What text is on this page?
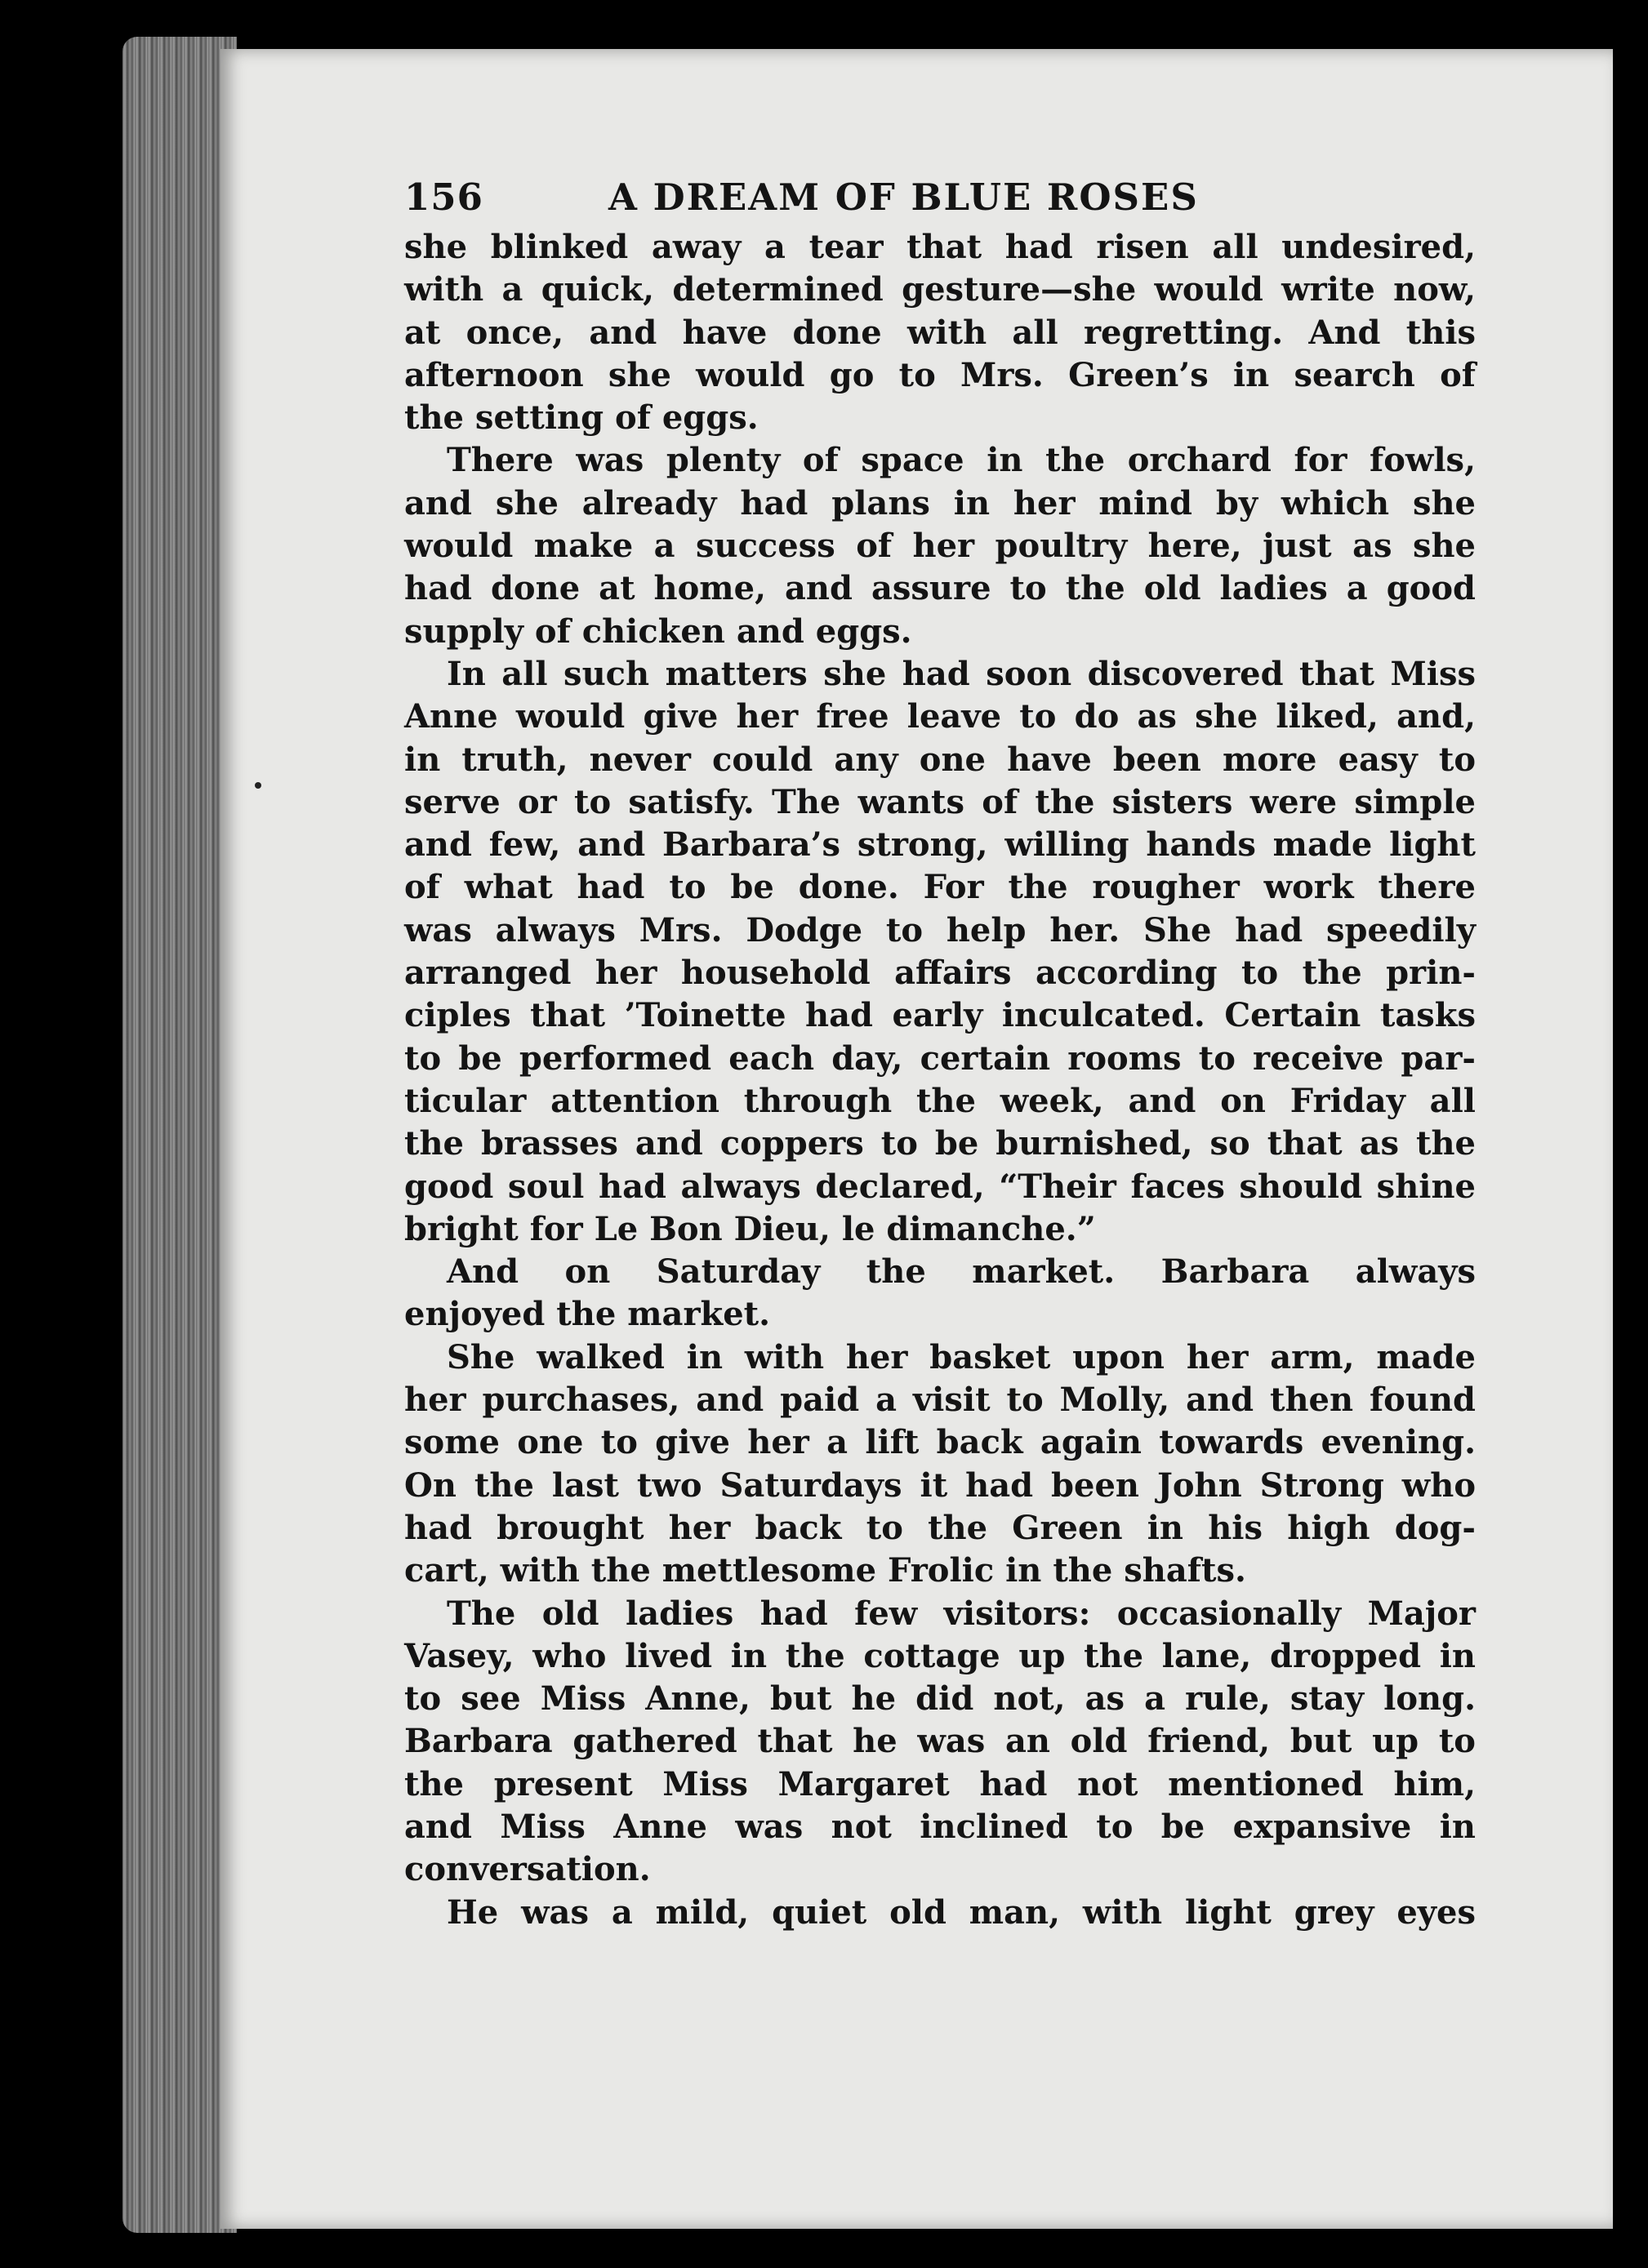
156	A DREAM OF BLUE ROSES
she blinked away a tear that had risen all undesired,
with a quick, determined gesture—she would write now,
at once, and have done with all regretting. And this
afternoon she would go to Mrs. Green’s in search of
the setting of eggs.
There was plenty of space in the orchard for fowls,
and she already had plans in her mind by which she
would make a success of her poultry here, just as she
had done at home, and assure to the old ladies a good
supply of chicken and eggs.
In all such matters she had soon discovered that Miss
Anne would give her free leave to do as she liked, and,
in truth, never could any one have been more easy to
serve or to satisfy. The wants of the sisters were simple
and few, and Barbara’s strong, willing hands made light
of what had to be done. For the rougher work there
was always Mrs. Dodge to help her. She had speedily
arranged her household affairs according to the prin-
ciples that ’Toinette had early inculcated. Certain tasks
to be performed each day, certain rooms to receive par-
ticular attention through the week, and on Friday all
the brasses and coppers to be burnished, so that as the
good soul had always declared, “Their faces should shine
bright for Le Bon Dieu, le dimanche.”
And on Saturday the market. Barbara always
enjoyed the market.
She walked in with her basket upon her arm, made
her purchases, and paid a visit to Molly, and then found
some one to give her a lift back again towards evening.
On the last two Saturdays it had been John Strong who
had brought her back to the Green in his high dog-
cart, with the mettlesome Frolic in the shafts.
The old ladies had few visitors: occasionally Major
Vasey, who lived in the cottage up the lane, dropped in
to see Miss Anne, but he did not, as a rule, stay long.
Barbara gathered that he was an old friend, but up to
the present Miss Margaret had not mentioned him,
and Miss Anne was not inclined to be expansive in
conversation.
He was a mild, quiet old man, with light grey eyes
